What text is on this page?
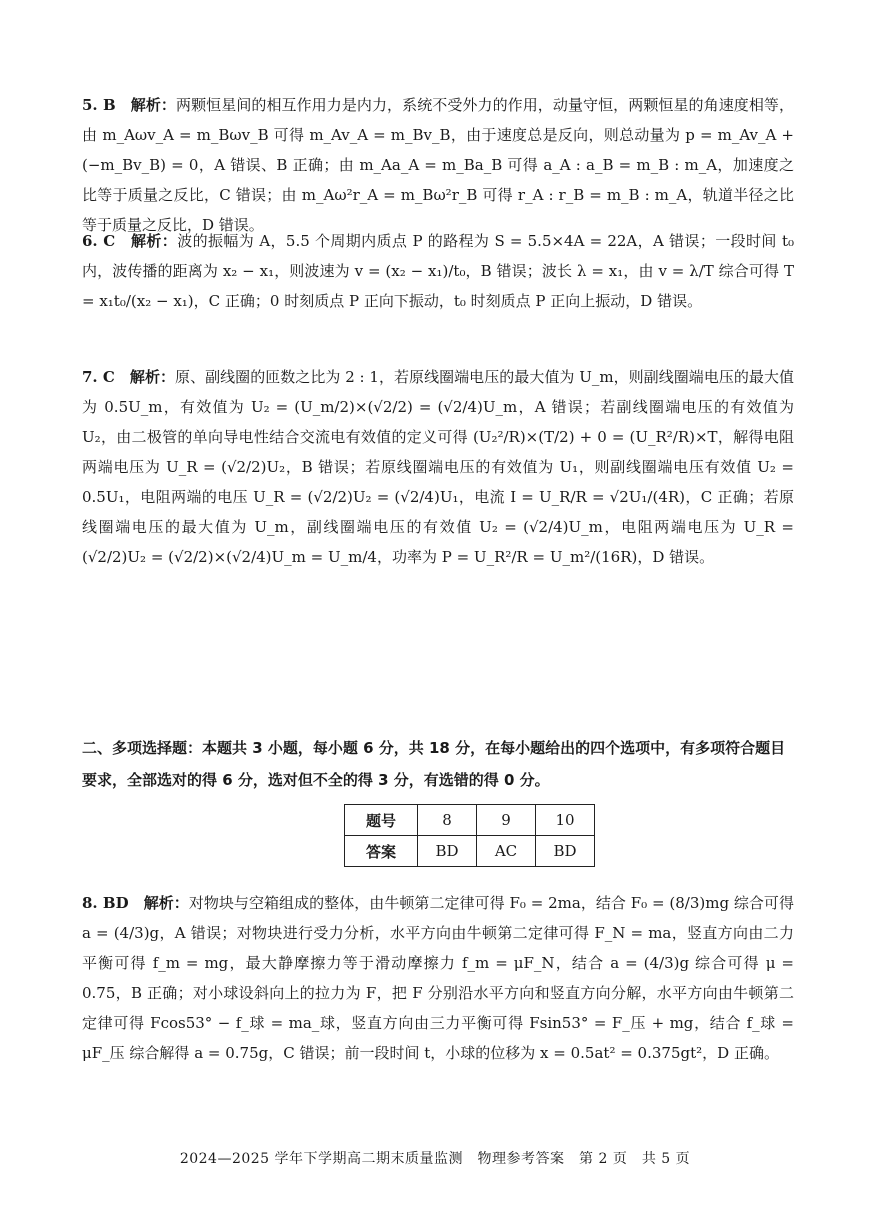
5. B　解析：两颗恒星间的相互作用力是内力，系统不受外力的作用，动量守恒，两颗恒星的角速度相等，由 m_Aωv_A = m_Bωv_B 可得 m_Av_A = m_Bv_B，由于速度总是反向，则总动量为 p = m_Av_A + (−m_Bv_B) = 0，A 错误、B 正确；由 m_Aa_A = m_Ba_B 可得 a_A : a_B = m_B : m_A，加速度之比等于质量之反比，C 错误；由 m_Aω²r_A = m_Bω²r_B 可得 r_A : r_B = m_B : m_A，轨道半径之比等于质量之反比，D 错误。

6. C　解析：波的振幅为 A，5.5 个周期内质点 P 的路程为 S = 5.5×4A = 22A，A 错误；一段时间 t₀ 内，波传播的距离为 x₂ − x₁，则波速为 v = (x₂ − x₁)/t₀，B 错误；波长 λ = x₁，由 v = λ/T 综合可得 T = x₁t₀/(x₂ − x₁)，C 正确；0 时刻质点 P 正向下振动，t₀ 时刻质点 P 正向上振动，D 错误。

7. C　解析：原、副线圈的匝数之比为 2 : 1，若原线圈端电压的最大值为 U_m，则副线圈端电压的最大值为 0.5U_m，有效值为 U₂ = (U_m/2)×(√2/2) = (√2/4)U_m，A 错误；若副线圈端电压的有效值为 U₂，由二极管的单向导电性结合交流电有效值的定义可得 (U₂²/R)×(T/2) + 0 = (U_R²/R)×T，解得电阻两端电压为 U_R = (√2/2)U₂，B 错误；若原线圈端电压的有效值为 U₁，则副线圈端电压有效值 U₂ = 0.5U₁，电阻两端的电压 U_R = (√2/2)U₂ = (√2/4)U₁，电流 I = U_R/R = √2U₁/(4R)，C 正确；若原线圈端电压的最大值为 U_m，副线圈端电压的有效值 U₂ = (√2/4)U_m，电阻两端电压为 U_R = (√2/2)U₂ = (√2/2)×(√2/4)U_m = U_m/4，功率为 P = U_R²/R = U_m²/(16R)，D 错误。

二、多项选择题：本题共 3 小题，每小题 6 分，共 18 分，在每小题给出的四个选项中，有多项符合题目要求，全部选对的得 6 分，选对但不全的得 3 分，有选错的得 0 分。
题号	8	9	10
答案	BD	AC	BD

8. BD　解析：对物块与空箱组成的整体，由牛顿第二定律可得 F₀ = 2ma，结合 F₀ = (8/3)mg 综合可得 a = (4/3)g，A 错误；对物块进行受力分析，水平方向由牛顿第二定律可得 F_N = ma，竖直方向由二力平衡可得 f_m = mg，最大静摩擦力等于滑动摩擦力 f_m = μF_N，结合 a = (4/3)g 综合可得 μ = 0.75，B 正确；对小球设斜向上的拉力为 F，把 F 分别沿水平方向和竖直方向分解，水平方向由牛顿第二定律可得 Fcos53° − f_球 = ma_球，竖直方向由三力平衡可得 Fsin53° = F_压 + mg，结合 f_球 = μF_压 综合解得 a = 0.75g，C 错误；前一段时间 t，小球的位移为 x = 0.5at² = 0.375gt²，D 正确。

2024—2025 学年下学期高二期末质量监测　物理参考答案　第 2 页　共 5 页
